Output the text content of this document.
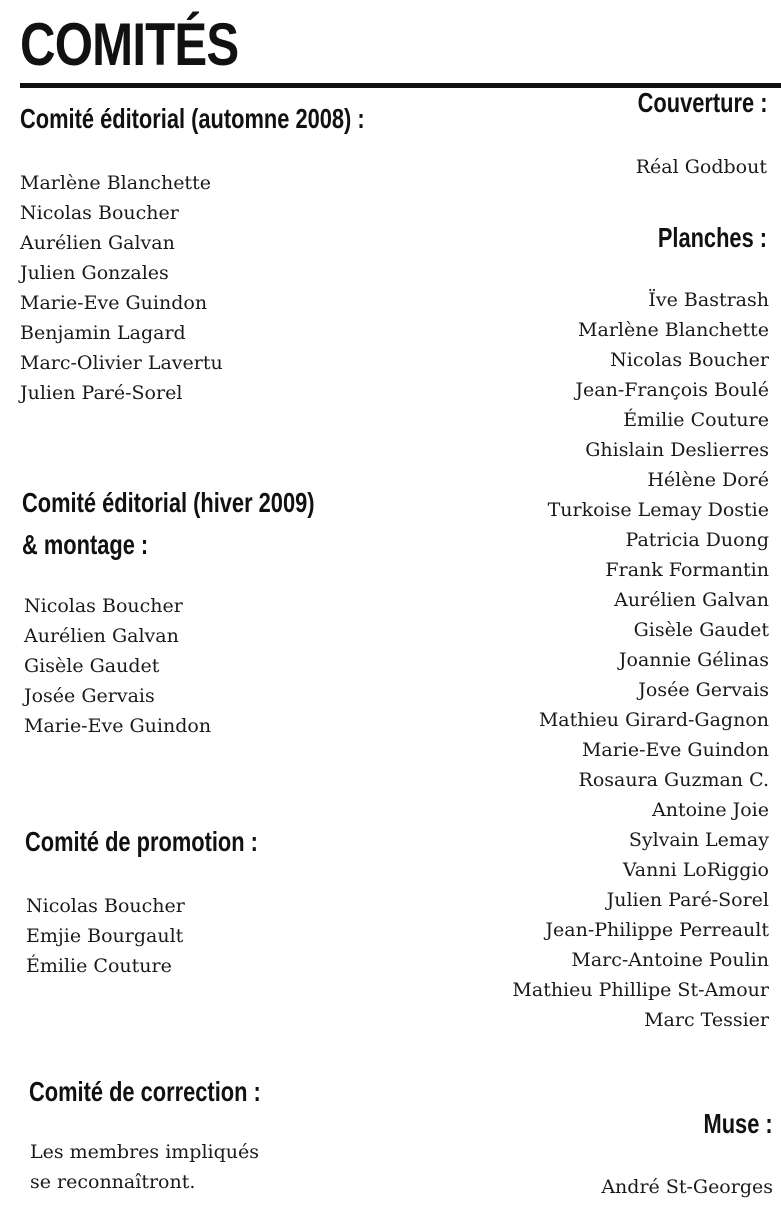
COMITÉS
Comité éditorial (automne 2008) :
Marlène Blanchette
Nicolas Boucher
Aurélien Galvan
Julien Gonzales
Marie-Eve Guindon
Benjamin Lagard
Marc-Olivier Lavertu
Julien Paré-Sorel
Comité éditorial (hiver 2009)
& montage :
Nicolas Boucher
Aurélien Galvan
Gisèle Gaudet
Josée Gervais
Marie-Eve Guindon
Comité de promotion :
Nicolas Boucher
Emjie Bourgault
Émilie Couture
Comité de correction :
Les membres impliqués
se reconnaîtront.
Couverture :
Réal Godbout
Planches :
Ïve Bastrash
Marlène Blanchette
Nicolas Boucher
Jean-François Boulé
Émilie Couture
Ghislain Deslierres
Hélène Doré
Turkoise Lemay Dostie
Patricia Duong
Frank Formantin
Aurélien Galvan
Gisèle Gaudet
Joannie Gélinas
Josée Gervais
Mathieu Girard-Gagnon
Marie-Eve Guindon
Rosaura Guzman C.
Antoine Joie
Sylvain Lemay
Vanni LoRiggio
Julien Paré-Sorel
Jean-Philippe Perreault
Marc-Antoine Poulin
Mathieu Phillipe St-Amour
Marc Tessier
Muse :
André St-Georges
